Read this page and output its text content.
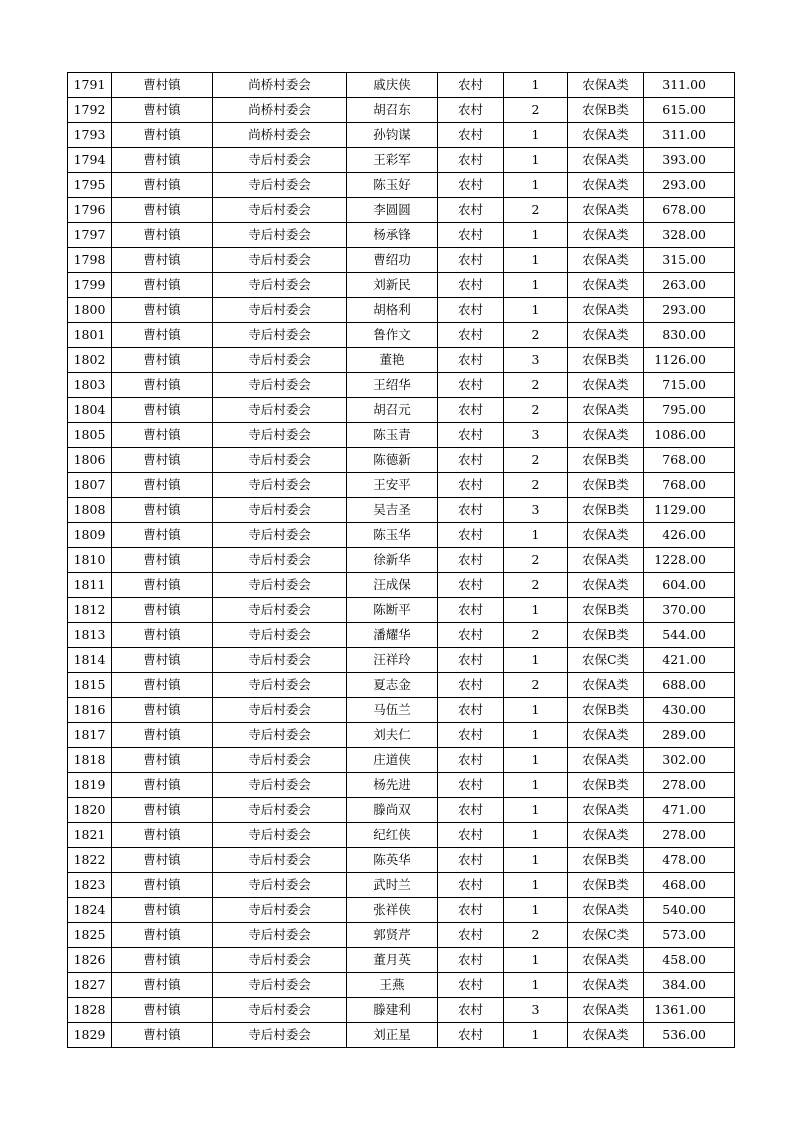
1791	曹村镇	尚桥村委会	戚庆侠	农村	1	农保A类	311.00
1792	曹村镇	尚桥村委会	胡召东	农村	2	农保B类	615.00
1793	曹村镇	尚桥村委会	孙钧谋	农村	1	农保A类	311.00
1794	曹村镇	寺后村委会	王彩军	农村	1	农保A类	393.00
1795	曹村镇	寺后村委会	陈玉好	农村	1	农保A类	293.00
1796	曹村镇	寺后村委会	李圆圆	农村	2	农保A类	678.00
1797	曹村镇	寺后村委会	杨承锋	农村	1	农保A类	328.00
1798	曹村镇	寺后村委会	曹绍功	农村	1	农保A类	315.00
1799	曹村镇	寺后村委会	刘新民	农村	1	农保A类	263.00
1800	曹村镇	寺后村委会	胡格利	农村	1	农保A类	293.00
1801	曹村镇	寺后村委会	鲁作文	农村	2	农保A类	830.00
1802	曹村镇	寺后村委会	董艳	农村	3	农保B类	1126.00
1803	曹村镇	寺后村委会	王绍华	农村	2	农保A类	715.00
1804	曹村镇	寺后村委会	胡召元	农村	2	农保A类	795.00
1805	曹村镇	寺后村委会	陈玉青	农村	3	农保A类	1086.00
1806	曹村镇	寺后村委会	陈德新	农村	2	农保B类	768.00
1807	曹村镇	寺后村委会	王安平	农村	2	农保B类	768.00
1808	曹村镇	寺后村委会	吴吉圣	农村	3	农保B类	1129.00
1809	曹村镇	寺后村委会	陈玉华	农村	1	农保A类	426.00
1810	曹村镇	寺后村委会	徐新华	农村	2	农保A类	1228.00
1811	曹村镇	寺后村委会	汪成保	农村	2	农保A类	604.00
1812	曹村镇	寺后村委会	陈断平	农村	1	农保B类	370.00
1813	曹村镇	寺后村委会	潘耀华	农村	2	农保B类	544.00
1814	曹村镇	寺后村委会	汪祥玲	农村	1	农保C类	421.00
1815	曹村镇	寺后村委会	夏志金	农村	2	农保A类	688.00
1816	曹村镇	寺后村委会	马伍兰	农村	1	农保B类	430.00
1817	曹村镇	寺后村委会	刘夫仁	农村	1	农保A类	289.00
1818	曹村镇	寺后村委会	庄道侠	农村	1	农保A类	302.00
1819	曹村镇	寺后村委会	杨先进	农村	1	农保B类	278.00
1820	曹村镇	寺后村委会	滕尚双	农村	1	农保A类	471.00
1821	曹村镇	寺后村委会	纪红侠	农村	1	农保A类	278.00
1822	曹村镇	寺后村委会	陈英华	农村	1	农保B类	478.00
1823	曹村镇	寺后村委会	武时兰	农村	1	农保B类	468.00
1824	曹村镇	寺后村委会	张祥侠	农村	1	农保A类	540.00
1825	曹村镇	寺后村委会	郭贤芹	农村	2	农保C类	573.00
1826	曹村镇	寺后村委会	董月英	农村	1	农保A类	458.00
1827	曹村镇	寺后村委会	王燕	农村	1	农保A类	384.00
1828	曹村镇	寺后村委会	滕建利	农村	3	农保A类	1361.00
1829	曹村镇	寺后村委会	刘正星	农村	1	农保A类	536.00
